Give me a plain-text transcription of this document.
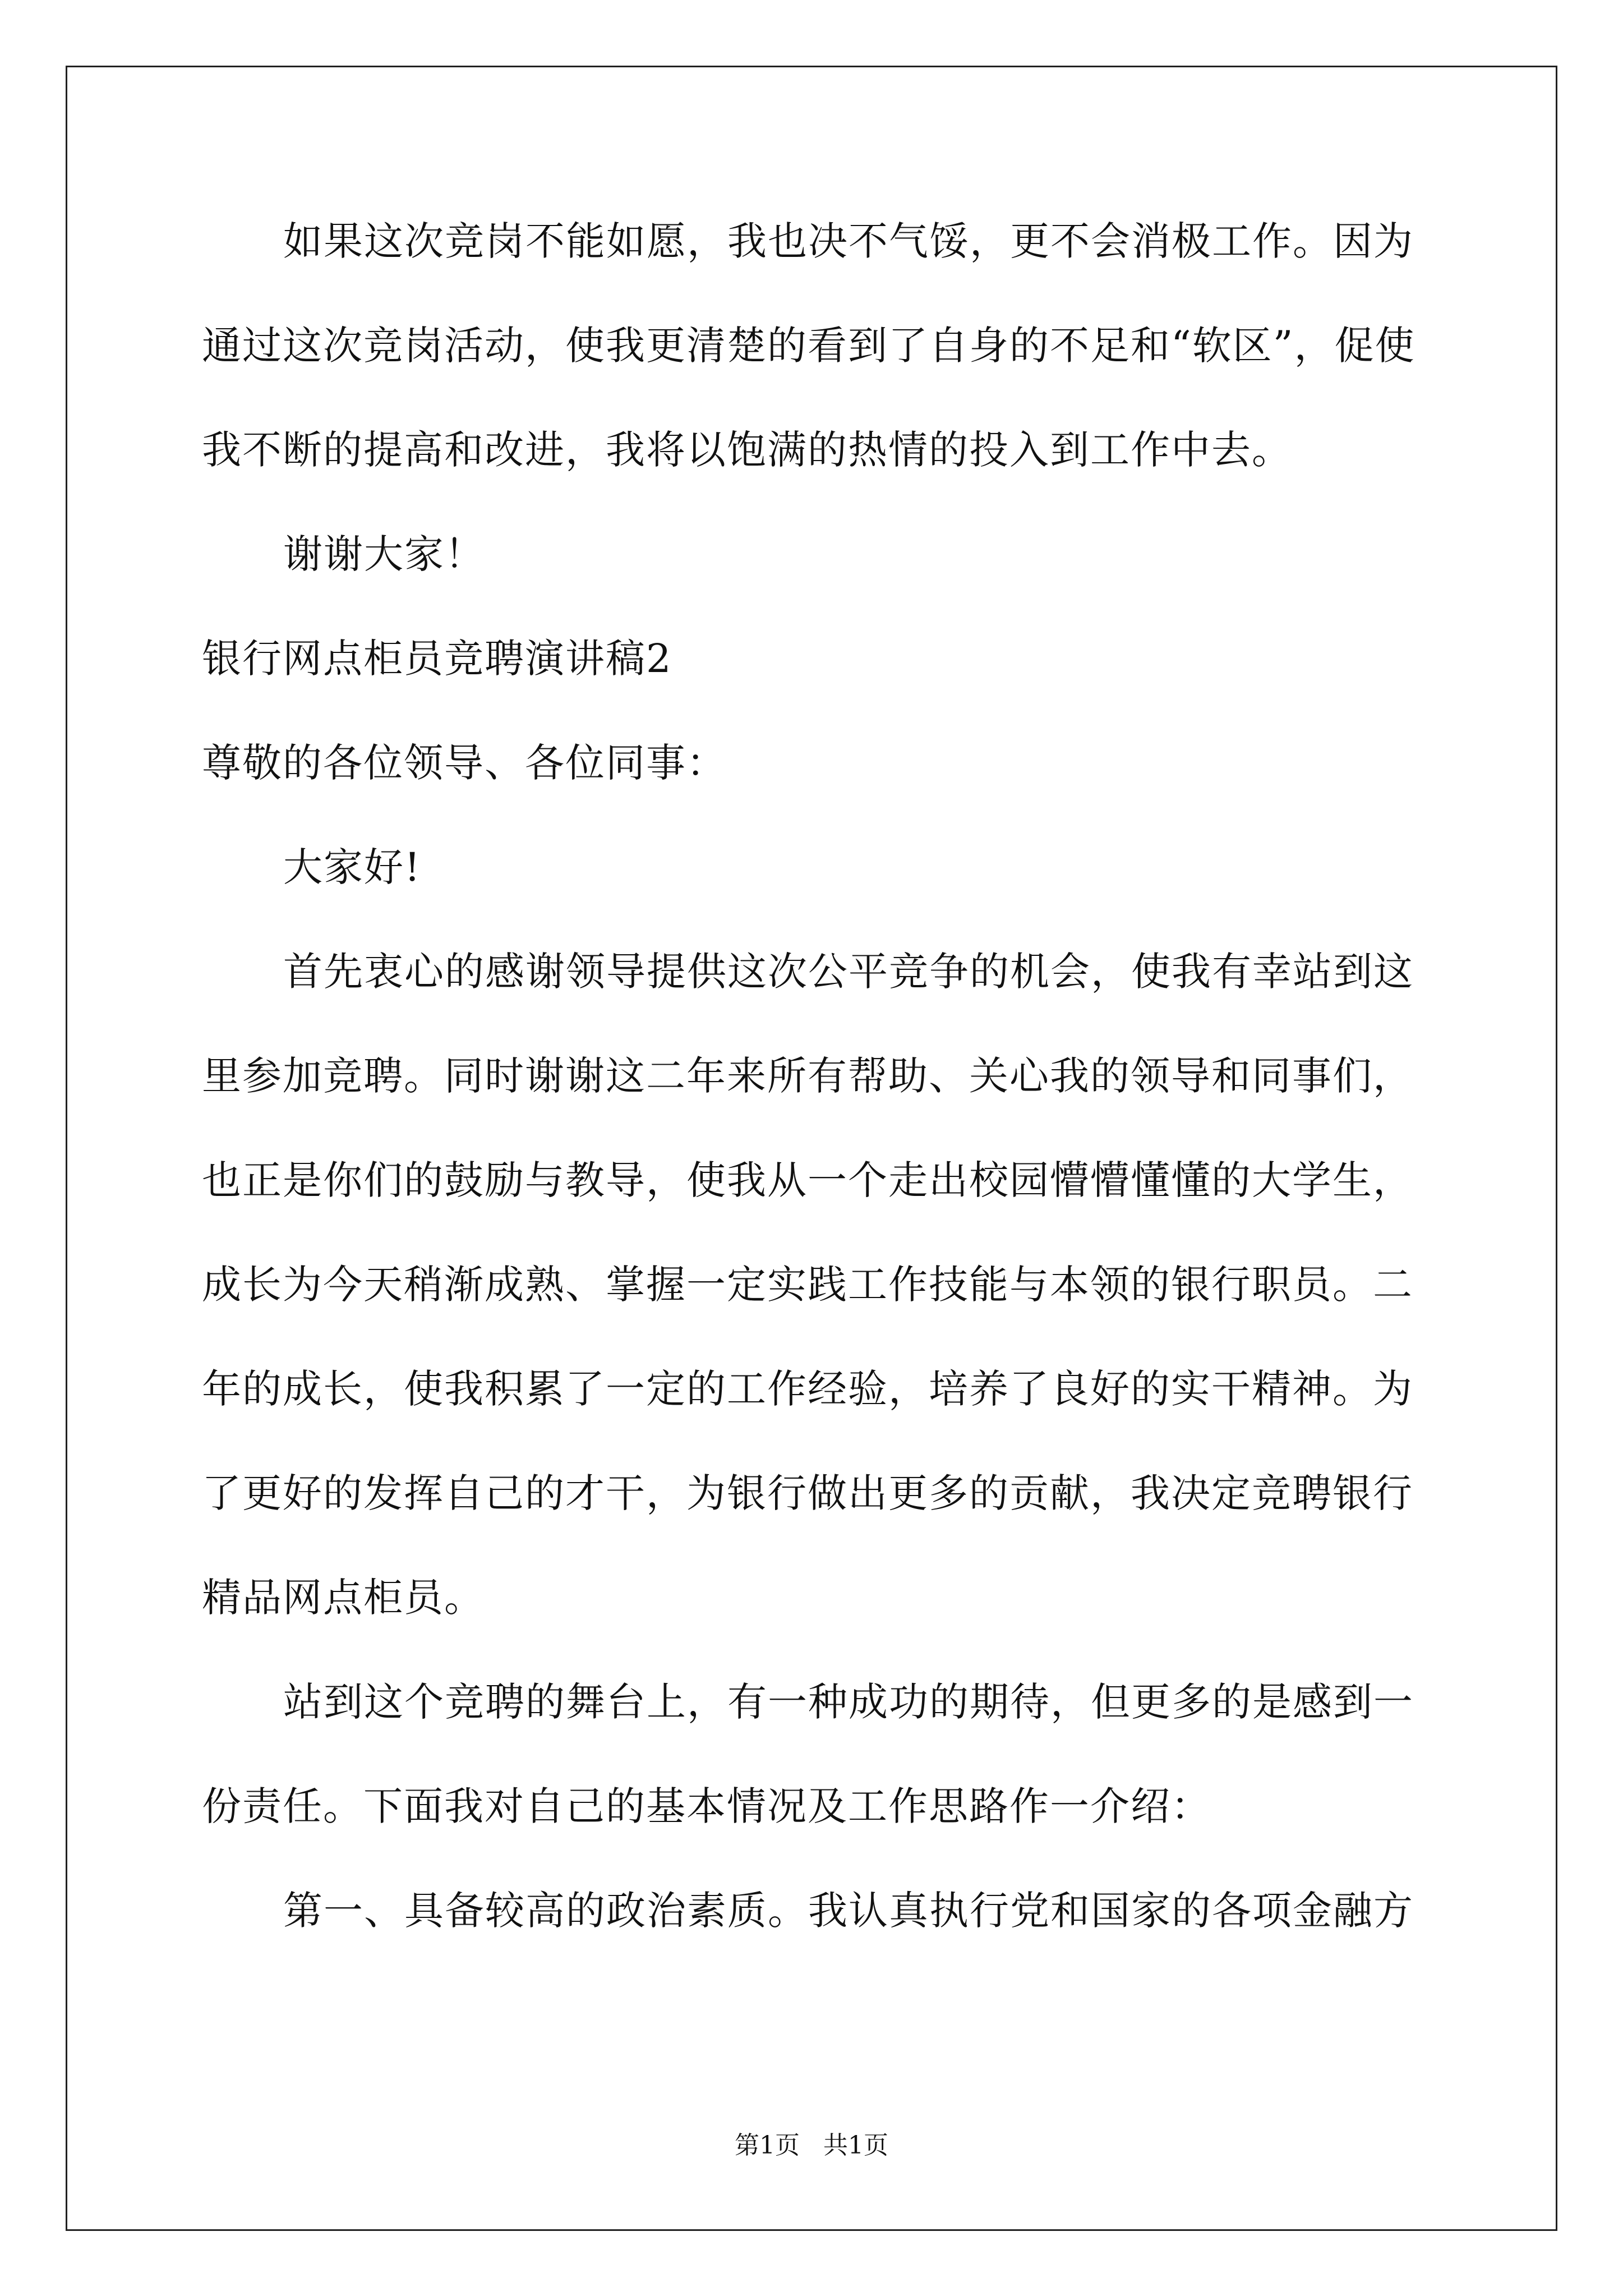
如果这次竞岗不能如愿，我也决不气馁，更不会消极工作。因为
通过这次竞岗活动，使我更清楚的看到了自身的不足和“软区”，促使
我不断的提高和改进，我将以饱满的热情的投入到工作中去。
谢谢大家！
银行网点柜员竞聘演讲稿2
尊敬的各位领导、各位同事：
大家好!
首先衷心的感谢领导提供这次公平竞争的机会，使我有幸站到这
里参加竞聘。同时谢谢这二年来所有帮助、关心我的领导和同事们，
也正是你们的鼓励与教导，使我从一个走出校园懵懵懂懂的大学生，
成长为今天稍渐成熟、掌握一定实践工作技能与本领的银行职员。二
年的成长，使我积累了一定的工作经验，培养了良好的实干精神。为
了更好的发挥自己的才干，为银行做出更多的贡献，我决定竞聘银行
精品网点柜员。
站到这个竞聘的舞台上，有一种成功的期待，但更多的是感到一
份责任。下面我对自己的基本情况及工作思路作一介绍：
第一、具备较高的政治素质。我认真执行党和国家的各项金融方
第1页   共1页
